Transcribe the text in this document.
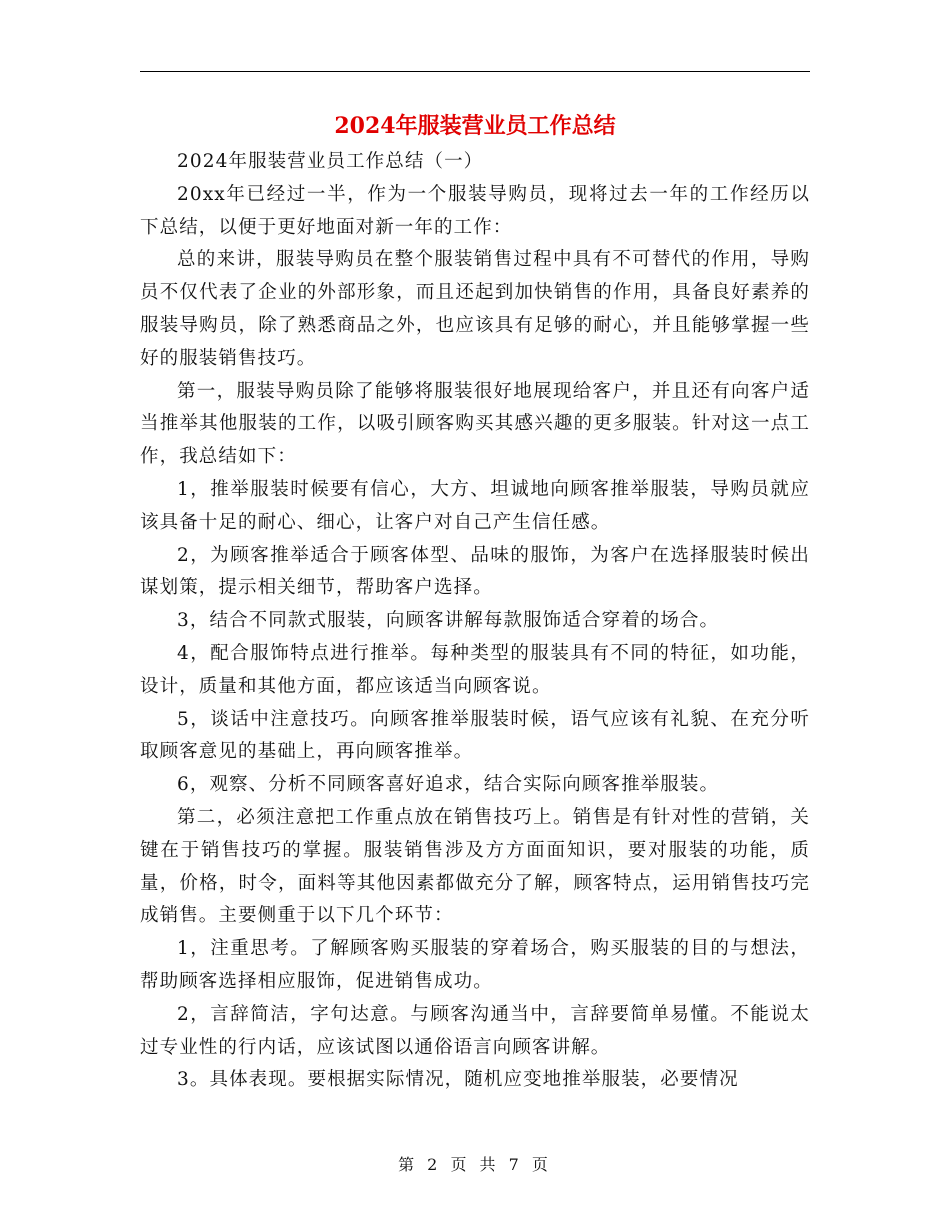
2024年服装营业员工作总结

2024年服装营业员工作总结（一）

20xx年已经过一半，作为一个服装导购员，现将过去一年的工作经历以下总结，以便于更好地面对新一年的工作：

总的来讲，服装导购员在整个服装销售过程中具有不可替代的作用，导购员不仅代表了企业的外部形象，而且还起到加快销售的作用，具备良好素养的服装导购员，除了熟悉商品之外，也应该具有足够的耐心，并且能够掌握一些好的服装销售技巧。

第一，服装导购员除了能够将服装很好地展现给客户，并且还有向客户适当推举其他服装的工作，以吸引顾客购买其感兴趣的更多服装。针对这一点工作，我总结如下：

1，推举服装时候要有信心，大方、坦诚地向顾客推举服装，导购员就应该具备十足的耐心、细心，让客户对自己产生信任感。

2，为顾客推举适合于顾客体型、品味的服饰，为客户在选择服装时候出谋划策，提示相关细节，帮助客户选择。

3，结合不同款式服装，向顾客讲解每款服饰适合穿着的场合。

4，配合服饰特点进行推举。每种类型的服装具有不同的特征，如功能，设计，质量和其他方面，都应该适当向顾客说。

5，谈话中注意技巧。向顾客推举服装时候，语气应该有礼貌、在充分听取顾客意见的基础上，再向顾客推举。

6，观察、分析不同顾客喜好追求，结合实际向顾客推举服装。

第二，必须注意把工作重点放在销售技巧上。销售是有针对性的营销，关键在于销售技巧的掌握。服装销售涉及方方面面知识，要对服装的功能，质量，价格，时令，面料等其他因素都做充分了解，顾客特点，运用销售技巧完成销售。主要侧重于以下几个环节：

1，注重思考。了解顾客购买服装的穿着场合，购买服装的目的与想法，帮助顾客选择相应服饰，促进销售成功。

2，言辞简洁，字句达意。与顾客沟通当中，言辞要简单易懂。不能说太过专业性的行内话，应该试图以通俗语言向顾客讲解。

3。具体表现。要根据实际情况，随机应变地推举服装，必要情况

第 2 页 共 7 页
